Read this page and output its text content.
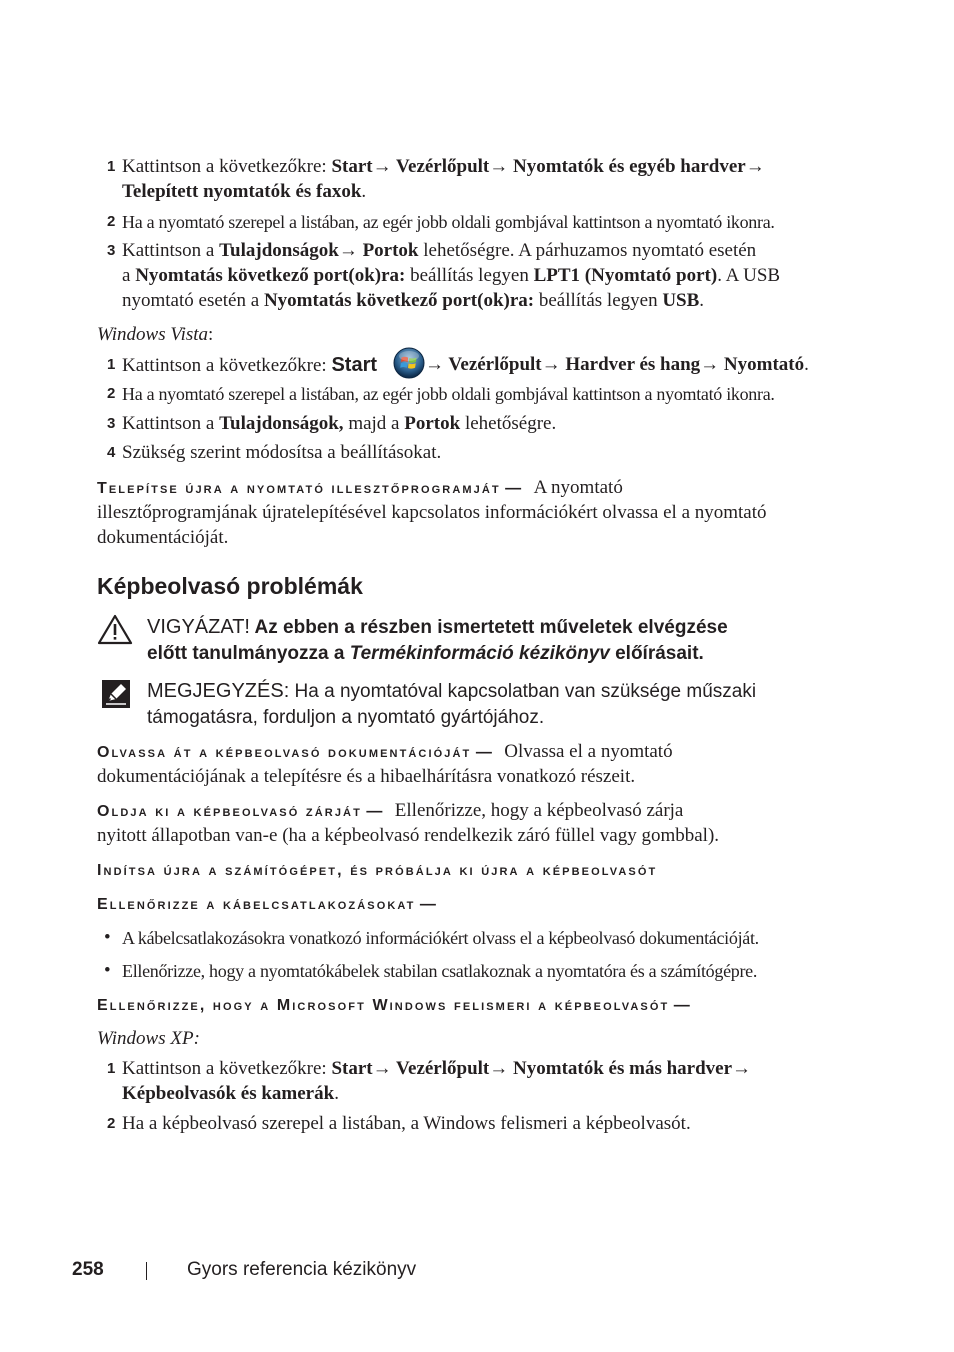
1 Kattintson a következőkre: Start→ Vezérlőpult→ Nyomtatók és egyéb hardver→
Telepített nyomtatók és faxok.
2 Ha a nyomtató szerepel a listában, az egér jobb oldali gombjával kattintson a nyomtató ikonra.
3 Kattintson a Tulajdonságok→ Portok lehetőségre. A párhuzamos nyomtató esetén
a Nyomtatás következő port(ok)ra: beállítás legyen LPT1 (Nyomtató port). A USB
nyomtató esetén a Nyomtatás következő port(ok)ra: beállítás legyen USB.
Windows Vista:
1 Kattintson a következőkre: Start	→ Vezérlőpult→ Hardver és hang→ Nyomtató.
2 Ha a nyomtató szerepel a listában, az egér jobb oldali gombjával kattintson a nyomtató ikonra.
3 Kattintson a Tulajdonságok, majd a Portok lehetőségre.
4 Szükség szerint módosítsa a beállításokat.
Telepítse újra a nyomtató illesztőprogramját — A nyomtató
illesztőprogramjának újratelepítésével kapcsolatos információkért olvassa el a nyomtató
dokumentációját.
Képbeolvasó problémák
VIGYÁZAT! Az ebben a részben ismertetett műveletek elvégzése
előtt tanulmányozza a Termékinformáció kézikönyv előírásait.
MEGJEGYZÉS: Ha a nyomtatóval kapcsolatban van szüksége műszaki
támogatásra, forduljon a nyomtató gyártójához.
Olvassa át a képbeolvasó dokumentációját — Olvassa el a nyomtató
dokumentációjának a telepítésre és a hibaelhárításra vonatkozó részeit.
Oldja ki a képbeolvasó zárját — Ellenőrizze, hogy a képbeolvasó zárja
nyitott állapotban van-e (ha a képbeolvasó rendelkezik záró füllel vagy gombbal).
Indítsa újra a számítógépet, és próbálja ki újra a képbeolvasót
Ellenőrizze a kábelcsatlakozásokat —
• A kábelcsatlakozásokra vonatkozó információkért olvass el a képbeolvasó dokumentációját.
• Ellenőrizze, hogy a nyomtatókábelek stabilan csatlakoznak a nyomtatóra és a számítógépre.
Ellenőrizze, hogy a Microsoft Windows felismeri a képbeolvasót —
Windows XP:
1 Kattintson a következőkre: Start→ Vezérlőpult→ Nyomtatók és más hardver→
Képbeolvasók és kamerák.
2 Ha a képbeolvasó szerepel a listában, a Windows felismeri a képbeolvasót.
258	Gyors referencia kézikönyv
